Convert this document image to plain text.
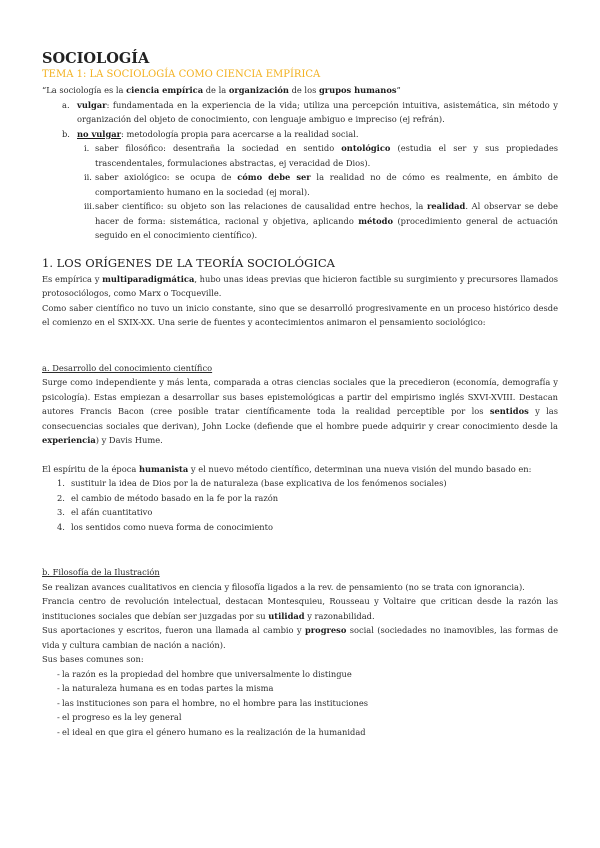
SOCIOLOGÍA
TEMA 1: LA SOCIOLOGÍA COMO CIENCIA EMPÍRICA

“La sociología es la ciencia empírica de la organización de los grupos humanos”

a. vulgar: fundamentada en la experiencia de la vida; utiliza una percepción intuitiva, asistemática, sin método y organización del objeto de conocimiento, con lenguaje ambiguo e impreciso (ej refrán).
b. no vulgar: metodología propia para acercarse a la realidad social.
i. saber filosófico: desentraña la sociedad en sentido ontológico (estudia el ser y sus propiedades trascendentales, formulaciones abstractas, ej veracidad de Dios).
ii. saber axiológico: se ocupa de cómo debe ser la realidad no de cómo es realmente, en ámbito de comportamiento humano en la sociedad (ej moral).
iii. saber científico: su objeto son las relaciones de causalidad entre hechos, la realidad. Al observar se debe hacer de forma: sistemática, racional y objetiva, aplicando método (procedimiento general de actuación seguido en el conocimiento científico).
1. LOS ORÍGENES DE LA TEORÍA SOCIOLÓGICA

Es empírica y multiparadigmática, hubo unas ideas previas que hicieron factible su surgimiento y precursores llamados protosociólogos, como Marx o Tocqueville.

Como saber científico no tuvo un inicio constante, sino que se desarrolló progresivamente en un proceso histórico desde el comienzo en el SXIX-XX. Una serie de fuentes y acontecimientos animaron el pensamiento sociológico:

a. Desarrollo del conocimiento científico

Surge como independiente y más lenta, comparada a otras ciencias sociales que la precedieron (economía, demografía y psicología). Estas empiezan a desarrollar sus bases epistemológicas a partir del empirismo inglés SXVI-XVIII. Destacan autores Francis Bacon (cree posible tratar científicamente toda la realidad perceptible por los sentidos y las consecuencias sociales que derivan), John Locke (defiende que el hombre puede adquirir y crear conocimiento desde la experiencia) y Davis Hume.

El espíritu de la época humanista y el nuevo método científico, determinan una nueva visión del mundo basado en:

1. sustituir la idea de Dios por la de naturaleza (base explicativa de los fenómenos sociales)
2. el cambio de método basado en la fe por la razón
3. el afán cuantitativo
4. los sentidos como nueva forma de conocimiento

b. Filosofía de la Ilustración

Se realizan avances cualitativos en ciencia y filosofía ligados a la rev. de pensamiento (no se trata con ignorancia).

Francia centro de revolución intelectual, destacan Montesquieu, Rousseau y Voltaire que critican desde la razón las instituciones sociales que debían ser juzgadas por su utilidad y razonabilidad.

Sus aportaciones y escritos, fueron una llamada al cambio y progreso social (sociedades no inamovibles, las formas de vida y cultura cambian de nación a nación).

Sus bases comunes son:

- la razón es la propiedad del hombre que universalmente lo distingue
- la naturaleza humana es en todas partes la misma
- las instituciones son para el hombre, no el hombre para las instituciones
- el progreso es la ley general
- el ideal en que gira el género humano es la realización de la humanidad
